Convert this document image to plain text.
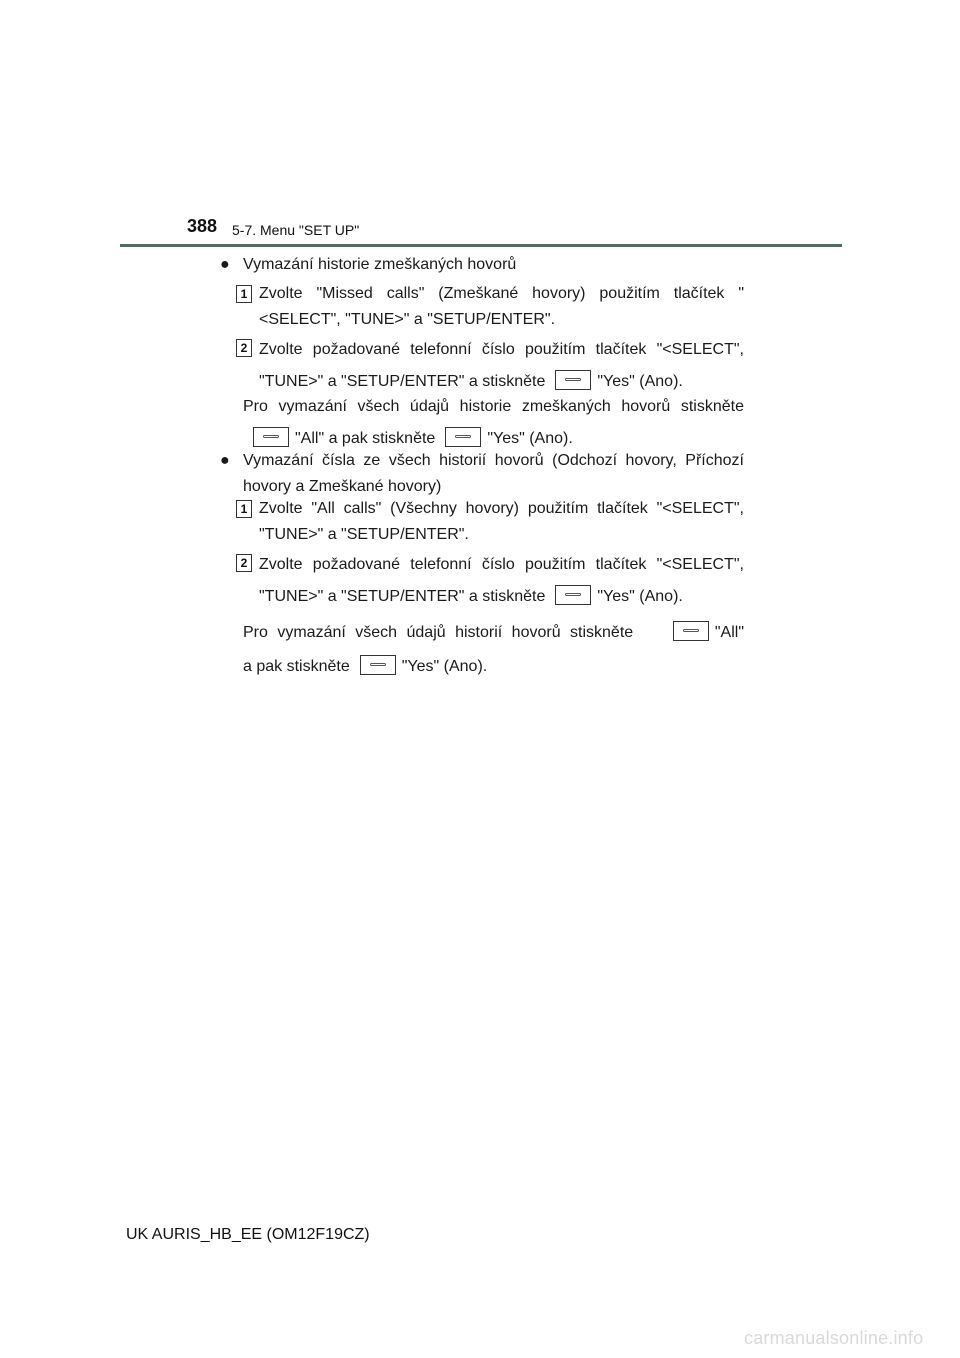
388 5-7. Menu "SET UP"
● Vymazání historie zmeškaných hovorů
1 Zvolte "Missed calls" (Zmeškané hovory) použitím tlačítek "<SELECT", "TUNE>" a "SETUP/ENTER".
2 Zvolte požadované telefonní číslo použitím tlačítek "<SELECT",
"TUNE>" a "SETUP/ENTER" a stiskněte	"Yes" (Ano).
Pro vymazání všech údajů historie zmeškaných hovorů stiskněte
"All" a pak stiskněte	"Yes" (Ano).
● Vymazání čísla ze všech historií hovorů (Odchozí hovory, Příchozí hovory a Zmeškané hovory)
1 Zvolte "All calls" (Všechny hovory) použitím tlačítek "<SELECT", "TUNE>" a "SETUP/ENTER".
2 Zvolte požadované telefonní číslo použitím tlačítek "<SELECT",
"TUNE>" a "SETUP/ENTER" a stiskněte	"Yes" (Ano).
Pro vymazání všech údajů historií hovorů stiskněte	"All"
a pak stiskněte	"Yes" (Ano).
UK AURIS_HB_EE (OM12F19CZ)
carmanualsonline.info
